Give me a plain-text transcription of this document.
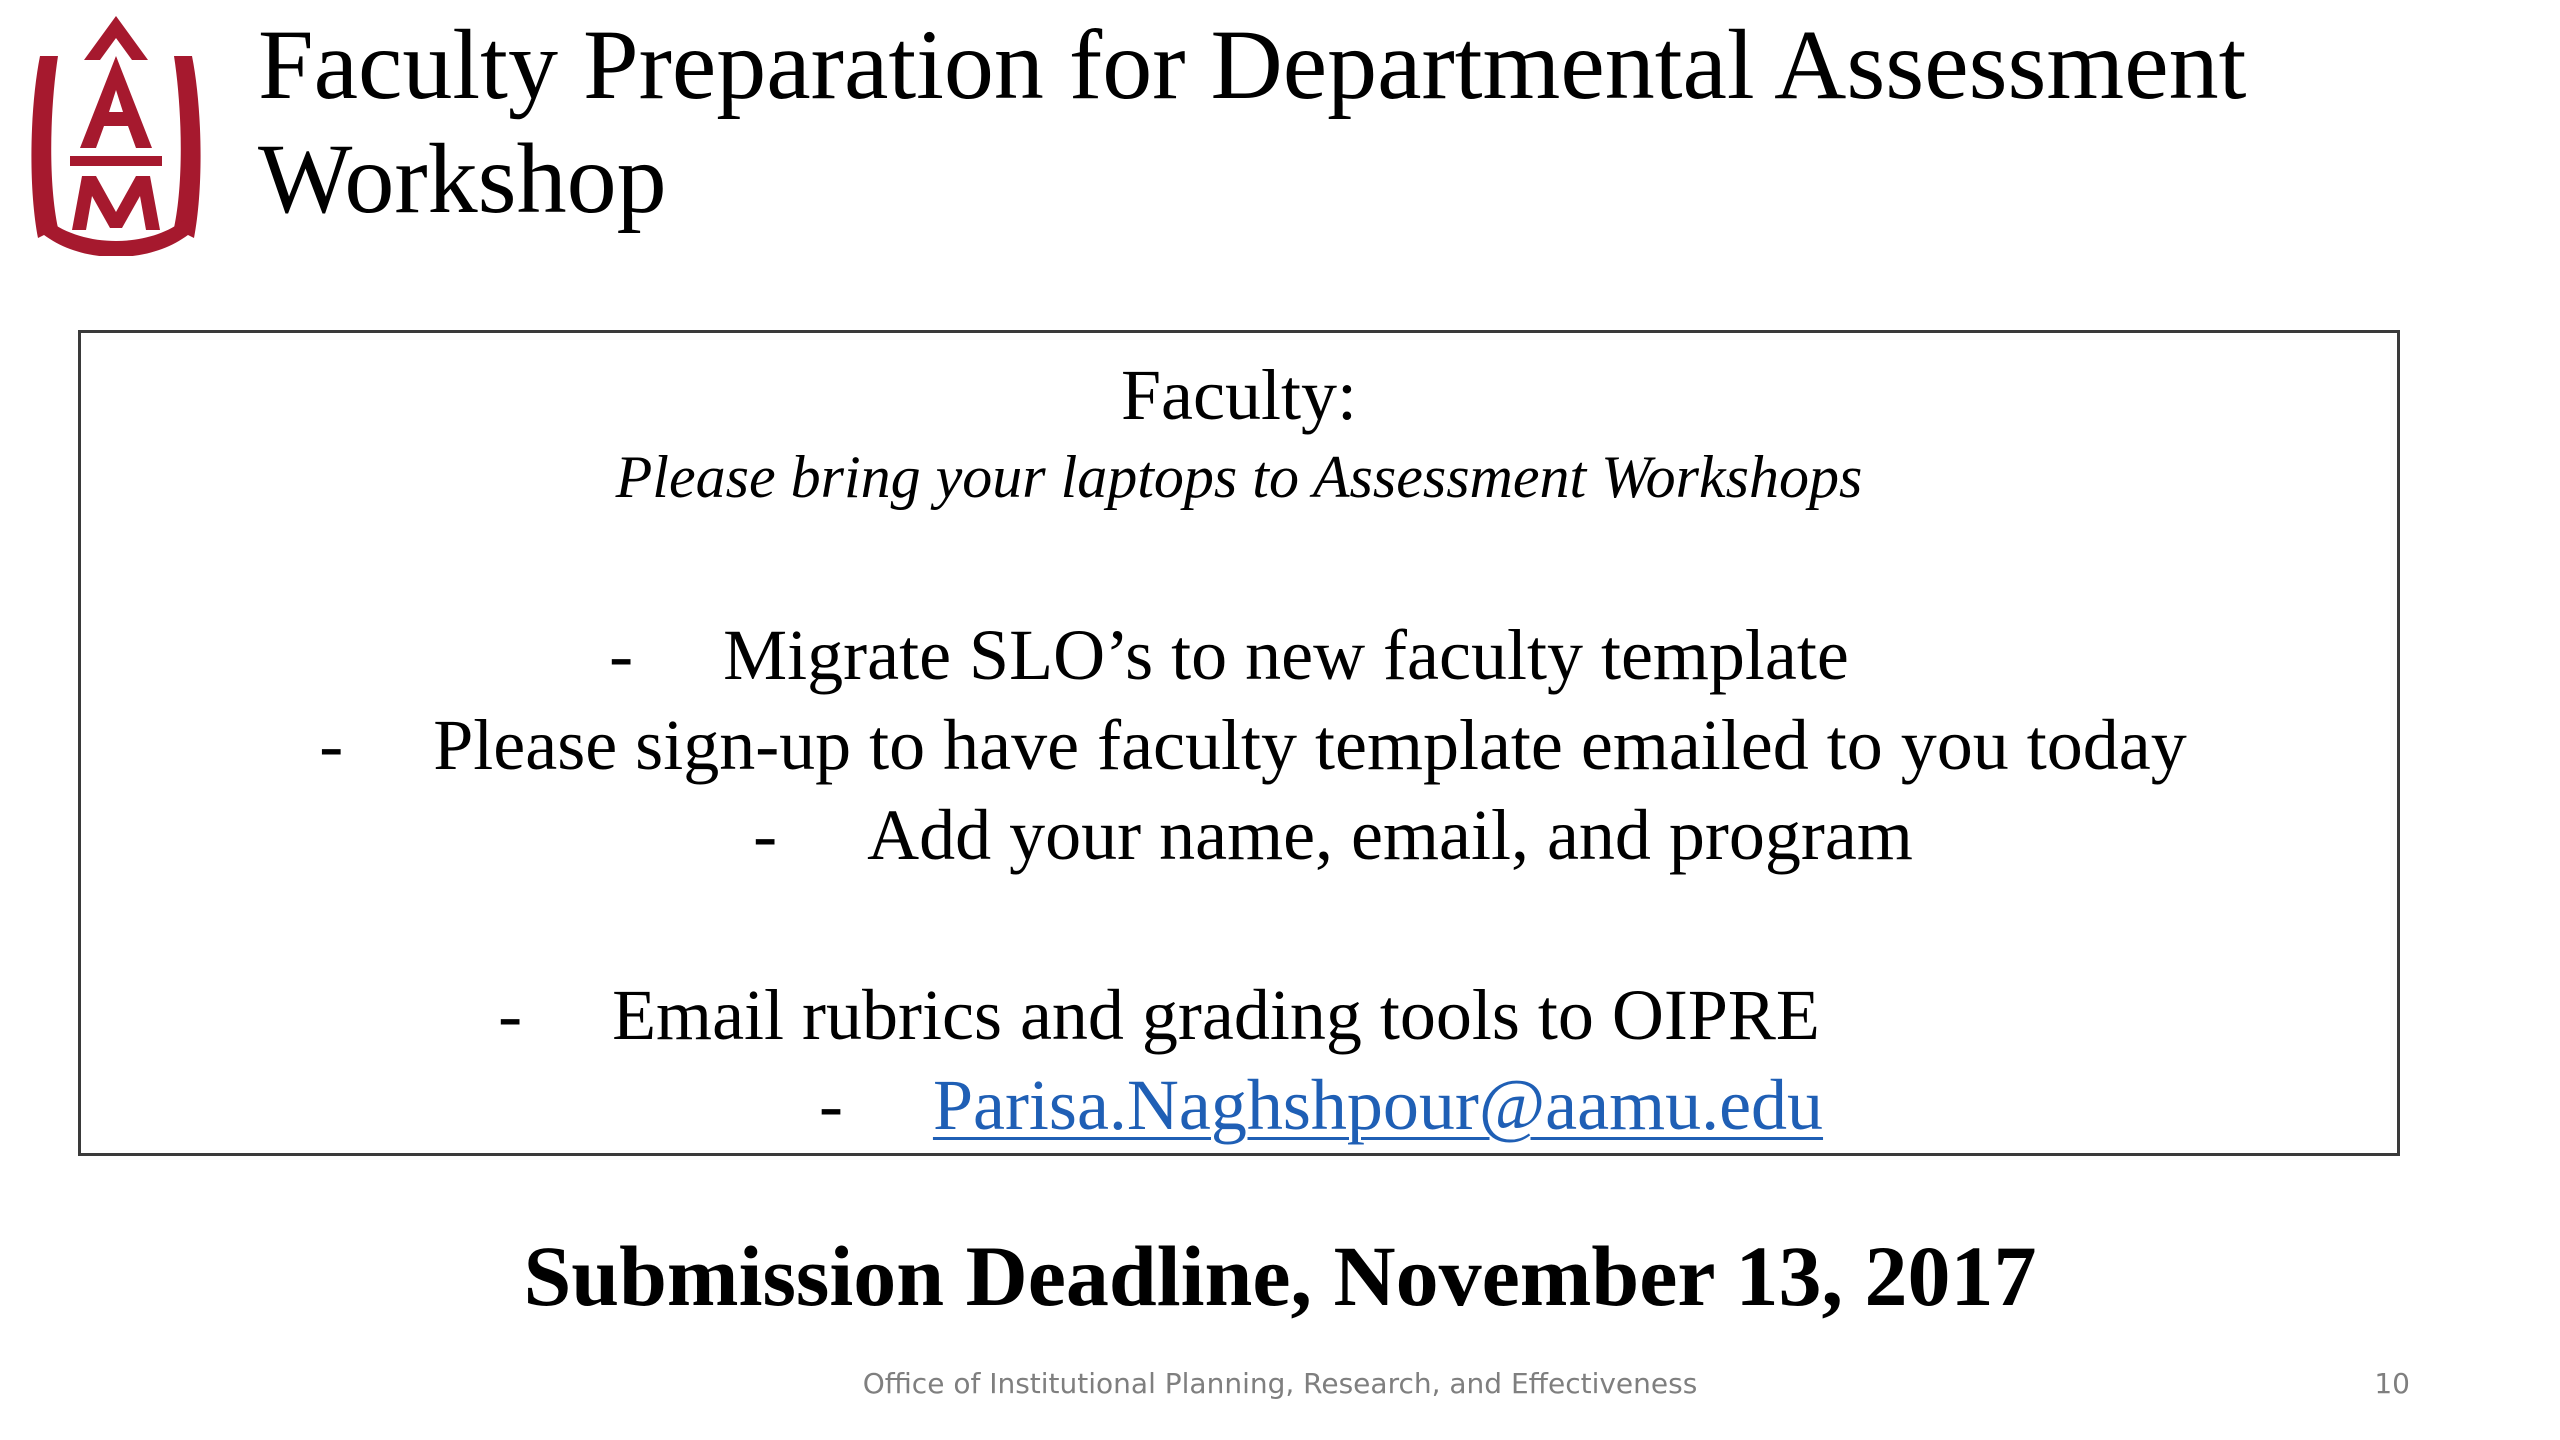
Faculty Preparation for Departmental Assessment
Workshop
Faculty:
Please bring your laptops to Assessment Workshops
- Migrate SLO’s to new faculty template
- Please sign-up to have faculty template emailed to you today
- Add your name, email, and program
- Email rubrics and grading tools to OIPRE
- Parisa.Naghshpour@aamu.edu
Submission Deadline, November 13, 2017
Office of Institutional Planning, Research, and Effectiveness	10
